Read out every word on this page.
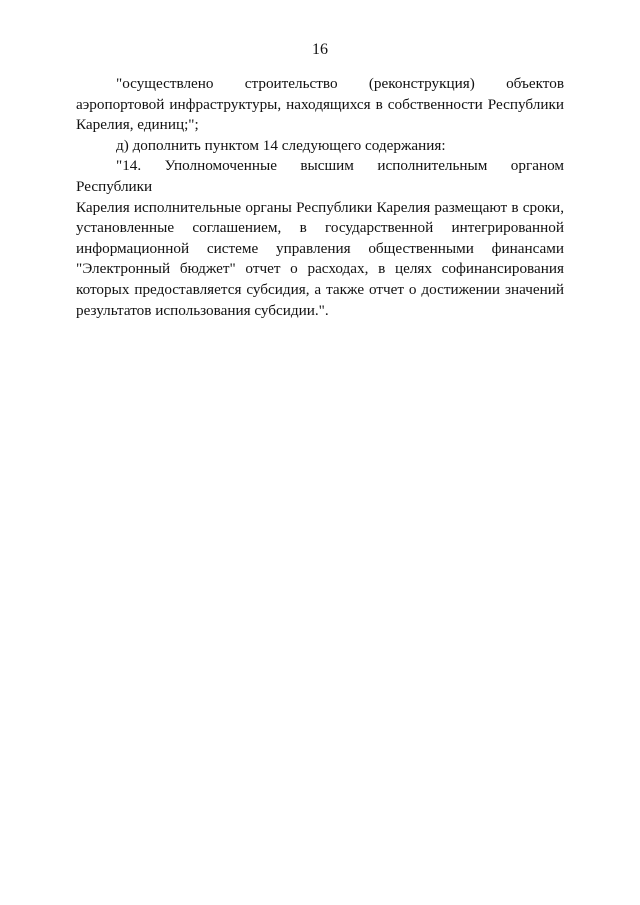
16

"осуществлено строительство (реконструкция) объектов

аэропортовой инфраструктуры, находящихся в собственности Республики

Карелия, единиц;";

д) дополнить пунктом 14 следующего содержания:

"14. Уполномоченные высшим исполнительным органом Республики

Карелия исполнительные органы Республики Карелия размещают в сроки,

установленные соглашением, в государственной интегрированной

информационной системе управления общественными финансами

"Электронный бюджет" отчет о расходах, в целях софинансирования

которых предоставляется субсидия, а также отчет о достижении значений

результатов использования субсидии.".
